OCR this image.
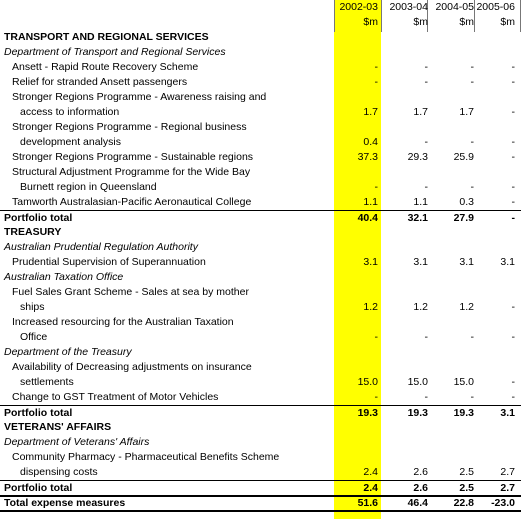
2002-03	2003-04 2004-05 2005-06
$m	$m	$m	$m
TRANSPORT AND REGIONAL SERVICES
Department of Transport and Regional Services
Ansett - Rapid Route Recovery Scheme	-	-	-	-
Relief for stranded Ansett passengers	-	-	-	-
Stronger Regions Programme - Awareness raising and
access to information	1.7	1.7	1.7	-
Stronger Regions Programme - Regional business
development analysis	0.4	-	-	-
Stronger Regions Programme - Sustainable regions	37.3	29.3	25.9	-
Structural Adjustment Programme for the Wide Bay
Burnett region in Queensland	-	-	-	-
Tamworth Australasian-Pacific Aeronautical College	1.1	1.1	0.3	-
Portfolio total	40.4	32.1	27.9	-
TREASURY
Australian Prudential Regulation Authority
Prudential Supervision of Superannuation	3.1	3.1	3.1	3.1
Australian Taxation Office
Fuel Sales Grant Scheme - Sales at sea by mother
ships	1.2	1.2	1.2	-
Increased resourcing for the Australian Taxation
Office	-	-	-	-
Department of the Treasury
Availability of Decreasing adjustments on insurance
settlements	15.0	15.0	15.0	-
Change to GST Treatment of Motor Vehicles	-	-	-	-
Portfolio total	19.3	19.3	19.3	3.1
VETERANS' AFFAIRS
Department of Veterans' Affairs
Community Pharmacy - Pharmaceutical Benefits Scheme
dispensing costs	2.4	2.6	2.5	2.7
Portfolio total	2.4	2.6	2.5	2.7
Total expense measures	51.6	46.4	22.8	-23.0
